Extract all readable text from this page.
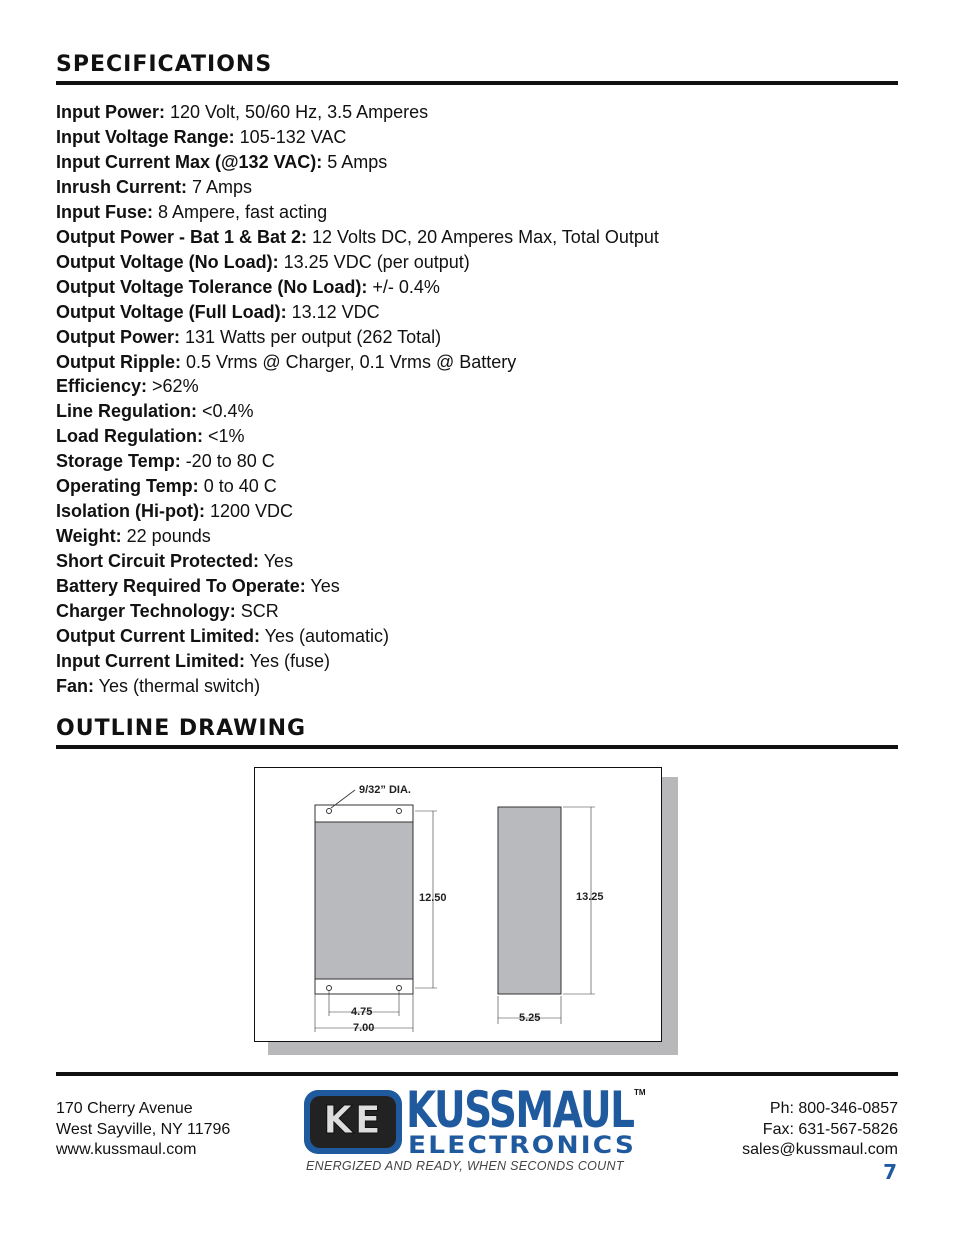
SPECIFICATIONS
Input Power: 120 Volt, 50/60 Hz, 3.5 Amperes
Input Voltage Range: 105-132 VAC
Input Current Max (@132 VAC): 5 Amps
Inrush Current: 7 Amps
Input Fuse: 8 Ampere, fast acting
Output Power - Bat 1 & Bat 2: 12 Volts DC, 20 Amperes Max, Total Output
Output Voltage (No Load): 13.25 VDC (per output)
Output Voltage Tolerance (No Load): +/- 0.4%
Output Voltage (Full Load): 13.12 VDC
Output Power: 131 Watts per output (262 Total)
Output Ripple: 0.5 Vrms @ Charger, 0.1 Vrms @ Battery
Efficiency: >62%
Line Regulation: <0.4%
Load Regulation: <1%
Storage Temp: -20 to 80 C
Operating Temp: 0 to 40 C
Isolation (Hi-pot): 1200 VDC
Weight: 22 pounds
Short Circuit Protected: Yes
Battery Required To Operate: Yes
Charger Technology: SCR
Output Current Limited: Yes (automatic)
Input Current Limited: Yes (fuse)
Fan: Yes (thermal switch)
OUTLINE DRAWING
9/32” DIA.
12.50
4.75
7.00
13.25
5.25
170 Cherry Avenue
West Sayville, NY 11796
www.kussmaul.com
KE KUSSMAUL TM
ELECTRONICS
ENERGIZED AND READY, WHEN SECONDS COUNT
Ph: 800-346-0857
Fax: 631-567-5826
sales@kussmaul.com
7
